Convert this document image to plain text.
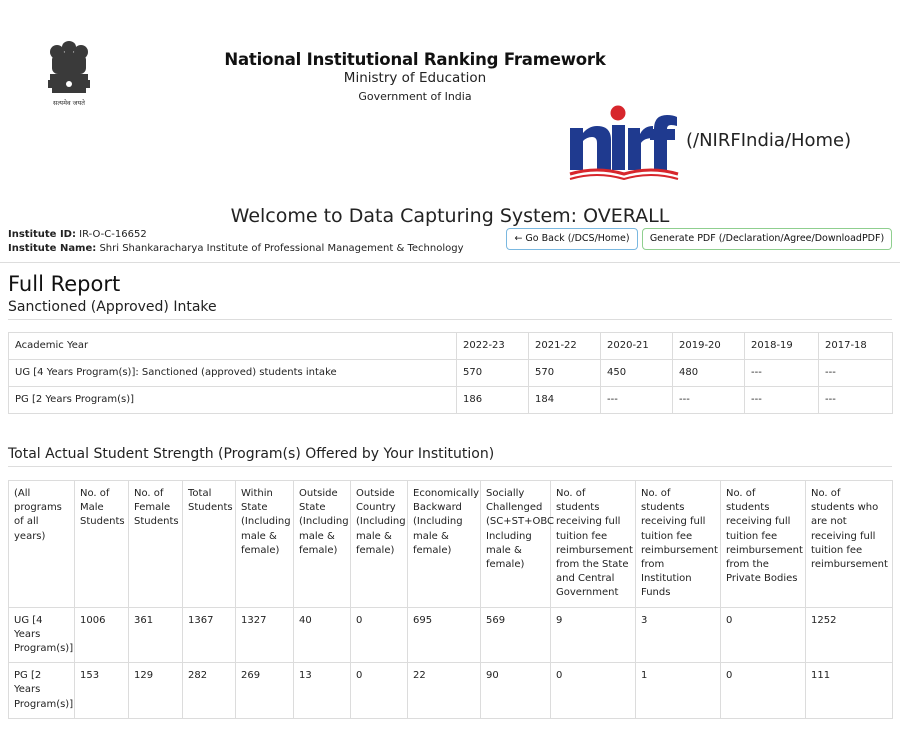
सत्यमेव जयते
National Institutional Ranking Framework
Ministry of Education
Government of India
(/NIRFIndia/Home)
Welcome to Data Capturing System: OVERALL
Institute ID: IR-O-C-16652
Institute Name: Shri Shankaracharya Institute of Professional Management & Technology
← Go Back (/DCS/Home)	Generate PDF (/Declaration/Agree/DownloadPDF)
Full Report
Sanctioned (Approved) Intake
Academic Year	2022-23	2021-22	2020-21	2019-20	2018-19	2017-18
UG [4 Years Program(s)]: Sanctioned (approved) students intake	570	570	450	480	---	---
PG [2 Years Program(s)]	186	184	---	---	---	---
Total Actual Student Strength (Program(s) Offered by Your Institution)
(All programs of all years)	No. of Male Students	No. of Female Students	Total Students	Within State (Including male & female)	Outside State (Including male & female)	Outside Country (Including male & female)	Economically Backward (Including male & female)	Socially Challenged (SC+ST+OBC Including male & female)	No. of students receiving full tuition fee reimbursement from the State and Central Government	No. of students receiving full tuition fee reimbursement from Institution Funds	No. of students receiving full tuition fee reimbursement from the Private Bodies	No. of students who are not receiving full tuition fee reimbursement
UG [4 Years Program(s)]	1006	361	1367	1327	40	0	695	569	9	3	0	1252
PG [2 Years Program(s)]	153	129	282	269	13	0	22	90	0	1	0	111
